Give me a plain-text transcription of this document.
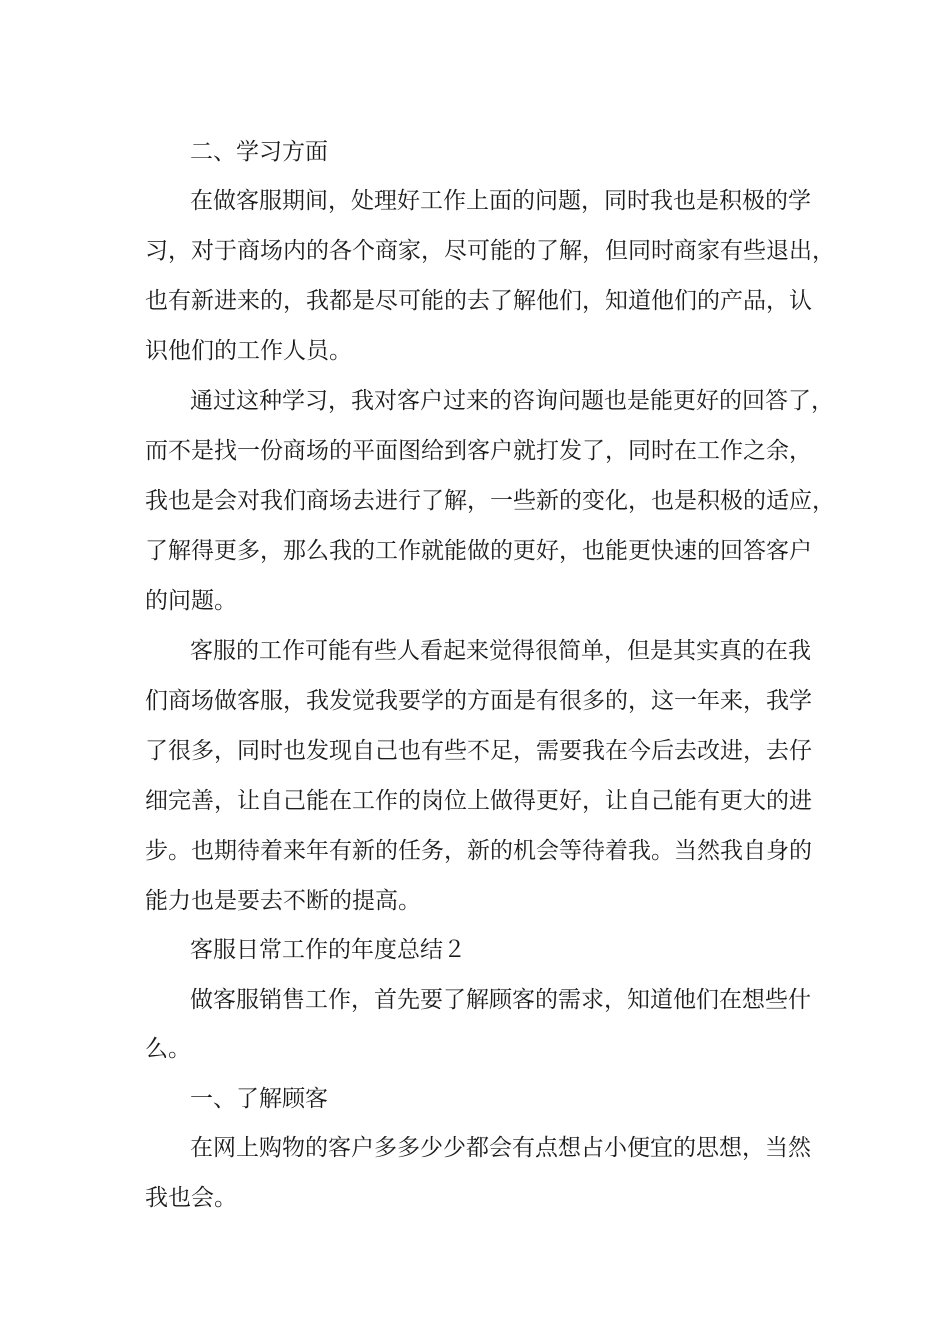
二、学习方面

在做客服期间，处理好工作上面的问题，同时我也是积极的学

习，对于商场内的各个商家，尽可能的了解，但同时商家有些退出，

也有新进来的，我都是尽可能的去了解他们，知道他们的产品，认

识他们的工作人员。

通过这种学习，我对客户过来的咨询问题也是能更好的回答了，

而不是找一份商场的平面图给到客户就打发了，同时在工作之余，

我也是会对我们商场去进行了解，一些新的变化，也是积极的适应，

了解得更多，那么我的工作就能做的更好，也能更快速的回答客户

的问题。

客服的工作可能有些人看起来觉得很简单，但是其实真的在我

们商场做客服，我发觉我要学的方面是有很多的，这一年来，我学

了很多，同时也发现自己也有些不足，需要我在今后去改进，去仔

细完善，让自己能在工作的岗位上做得更好，让自己能有更大的进

步。也期待着来年有新的任务，新的机会等待着我。当然我自身的

能力也是要去不断的提高。

客服日常工作的年度总结２

做客服销售工作，首先要了解顾客的需求，知道他们在想些什

么。

一、了解顾客

在网上购物的客户多多少少都会有点想占小便宜的思想，当然

我也会。
